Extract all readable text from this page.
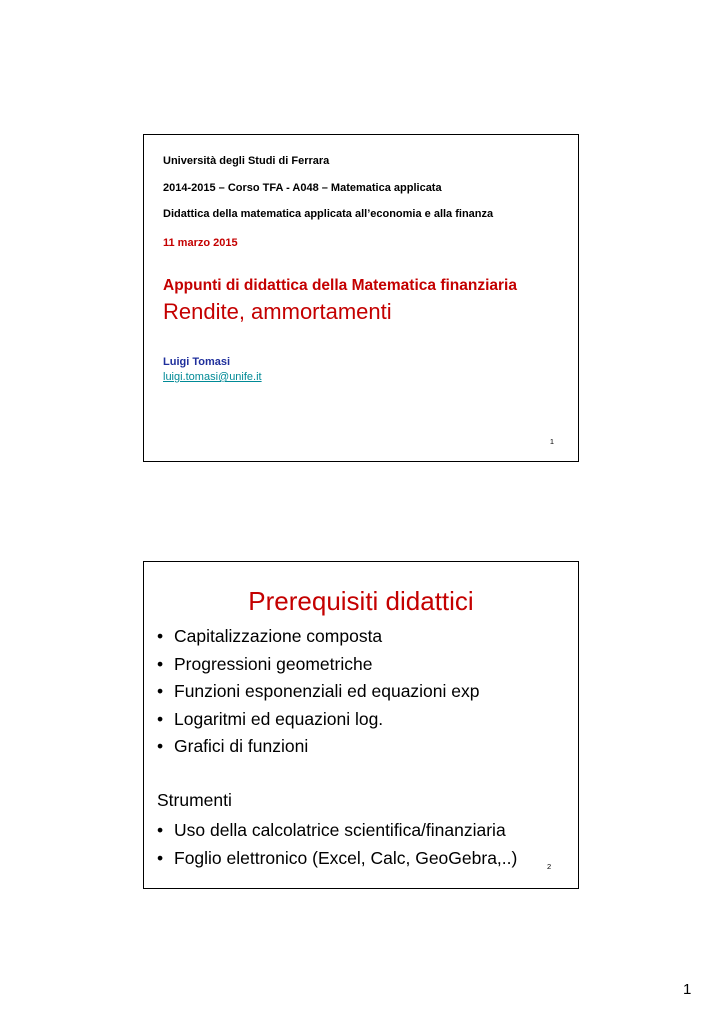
Università degli Studi di Ferrara
2014-2015 – Corso TFA - A048 – Matematica applicata
Didattica della matematica applicata all’economia e alla finanza
11 marzo 2015
Appunti di didattica della Matematica finanziaria
Rendite, ammortamenti
Luigi Tomasi
luigi.tomasi@unife.it
1
Prerequisiti didattici
• Capitalizzazione composta
• Progressioni geometriche
• Funzioni esponenziali ed equazioni exp
• Logaritmi ed equazioni log.
• Grafici di funzioni
Strumenti
• Uso della calcolatrice scientifica/finanziaria
• Foglio elettronico (Excel, Calc, GeoGebra,..)	2
1
